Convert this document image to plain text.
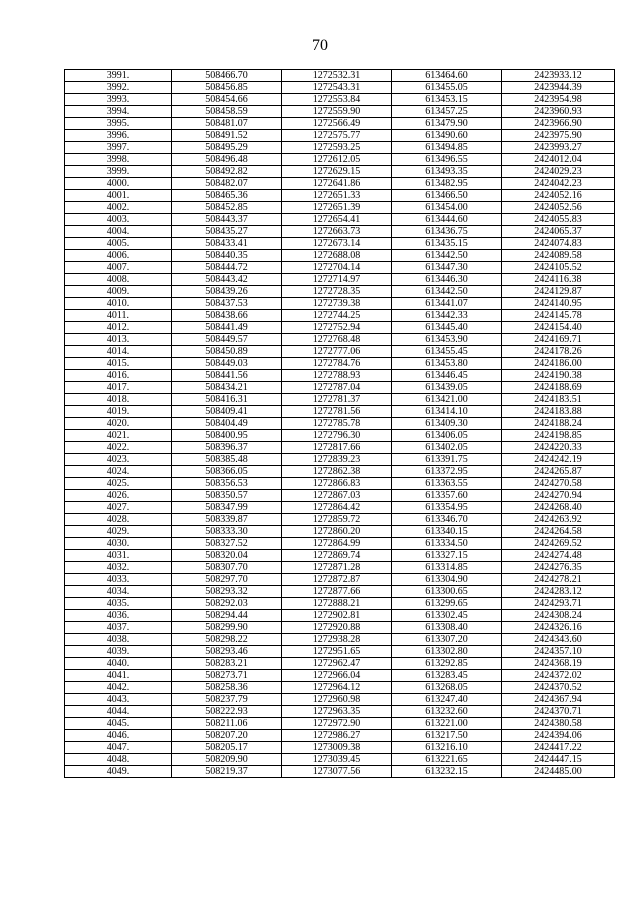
70
3991.	508466.70	1272532.31	613464.60	2423933.12
3992.	508456.85	1272543.31	613455.05	2423944.39
3993.	508454.66	1272553.84	613453.15	2423954.98
3994.	508458.59	1272559.90	613457.25	2423960.93
3995.	508481.07	1272566.49	613479.90	2423966.90
3996.	508491.52	1272575.77	613490.60	2423975.90
3997.	508495.29	1272593.25	613494.85	2423993.27
3998.	508496.48	1272612.05	613496.55	2424012.04
3999.	508492.82	1272629.15	613493.35	2424029.23
4000.	508482.07	1272641.86	613482.95	2424042.23
4001.	508465.36	1272651.33	613466.50	2424052.16
4002.	508452.85	1272651.39	613454.00	2424052.56
4003.	508443.37	1272654.41	613444.60	2424055.83
4004.	508435.27	1272663.73	613436.75	2424065.37
4005.	508433.41	1272673.14	613435.15	2424074.83
4006.	508440.35	1272688.08	613442.50	2424089.58
4007.	508444.72	1272704.14	613447.30	2424105.52
4008.	508443.42	1272714.97	613446.30	2424116.38
4009.	508439.26	1272728.35	613442.50	2424129.87
4010.	508437.53	1272739.38	613441.07	2424140.95
4011.	508438.66	1272744.25	613442.33	2424145.78
4012.	508441.49	1272752.94	613445.40	2424154.40
4013.	508449.57	1272768.48	613453.90	2424169.71
4014.	508450.89	1272777.06	613455.45	2424178.26
4015.	508449.03	1272784.76	613453.80	2424186.00
4016.	508441.56	1272788.93	613446.45	2424190.38
4017.	508434.21	1272787.04	613439.05	2424188.69
4018.	508416.31	1272781.37	613421.00	2424183.51
4019.	508409.41	1272781.56	613414.10	2424183.88
4020.	508404.49	1272785.78	613409.30	2424188.24
4021.	508400.95	1272796.30	613406.05	2424198.85
4022.	508396.37	1272817.66	613402.05	2424220.33
4023.	508385.48	1272839.23	613391.75	2424242.19
4024.	508366.05	1272862.38	613372.95	2424265.87
4025.	508356.53	1272866.83	613363.55	2424270.58
4026.	508350.57	1272867.03	613357.60	2424270.94
4027.	508347.99	1272864.42	613354.95	2424268.40
4028.	508339.87	1272859.72	613346.70	2424263.92
4029.	508333.30	1272860.20	613340.15	2424264.58
4030.	508327.52	1272864.99	613334.50	2424269.52
4031.	508320.04	1272869.74	613327.15	2424274.48
4032.	508307.70	1272871.28	613314.85	2424276.35
4033.	508297.70	1272872.87	613304.90	2424278.21
4034.	508293.32	1272877.66	613300.65	2424283.12
4035.	508292.03	1272888.21	613299.65	2424293.71
4036.	508294.44	1272902.81	613302.45	2424308.24
4037.	508299.90	1272920.88	613308.40	2424326.16
4038.	508298.22	1272938.28	613307.20	2424343.60
4039.	508293.46	1272951.65	613302.80	2424357.10
4040.	508283.21	1272962.47	613292.85	2424368.19
4041.	508273.71	1272966.04	613283.45	2424372.02
4042.	508258.36	1272964.12	613268.05	2424370.52
4043.	508237.79	1272960.98	613247.40	2424367.94
4044.	508222.93	1272963.35	613232.60	2424370.71
4045.	508211.06	1272972.90	613221.00	2424380.58
4046.	508207.20	1272986.27	613217.50	2424394.06
4047.	508205.17	1273009.38	613216.10	2424417.22
4048.	508209.90	1273039.45	613221.65	2424447.15
4049.	508219.37	1273077.56	613232.15	2424485.00
